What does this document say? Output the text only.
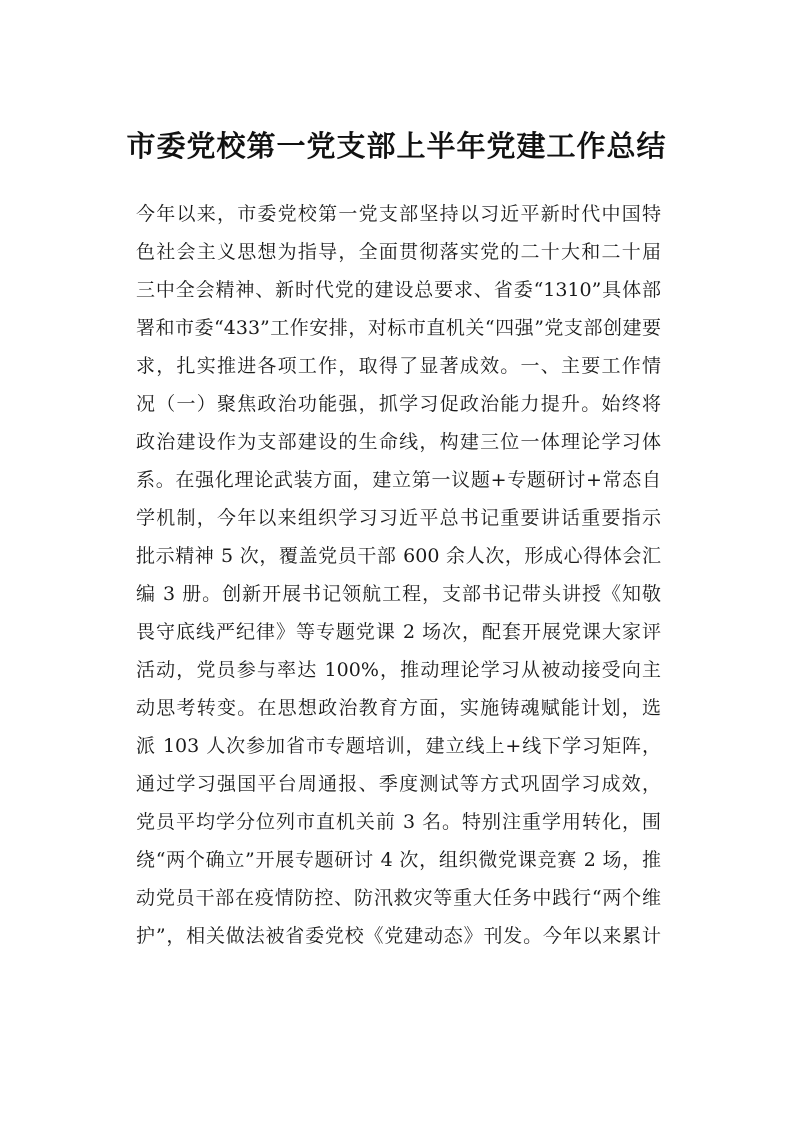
市委党校第一党支部上半年党建工作总结
今年以来，市委党校第一党支部坚持以习近平新时代中国特
色社会主义思想为指导，全面贯彻落实党的二十大和二十届
三中全会精神、新时代党的建设总要求、省委“1310”具体部
署和市委“433”工作安排，对标市直机关“四强”党支部创建要
求，扎实推进各项工作，取得了显著成效。一、主要工作情
况（一）聚焦政治功能强，抓学习促政治能力提升。始终将
政治建设作为支部建设的生命线，构建三位一体理论学习体
系。在强化理论武装方面，建立第一议题+专题研讨+常态自
学机制，今年以来组织学习习近平总书记重要讲话重要指示
批示精神 5 次，覆盖党员干部 600 余人次，形成心得体会汇
编 3 册。创新开展书记领航工程，支部书记带头讲授《知敬
畏守底线严纪律》等专题党课 2 场次，配套开展党课大家评
活动，党员参与率达 100%，推动理论学习从被动接受向主
动思考转变。在思想政治教育方面，实施铸魂赋能计划，选
派 103 人次参加省市专题培训，建立线上+线下学习矩阵，
通过学习强国平台周通报、季度测试等方式巩固学习成效，
党员平均学分位列市直机关前 3 名。特别注重学用转化，围
绕“两个确立”开展专题研讨 4 次，组织微党课竞赛 2 场，推
动党员干部在疫情防控、防汛救灾等重大任务中践行“两个维
护”，相关做法被省委党校《党建动态》刊发。今年以来累计
